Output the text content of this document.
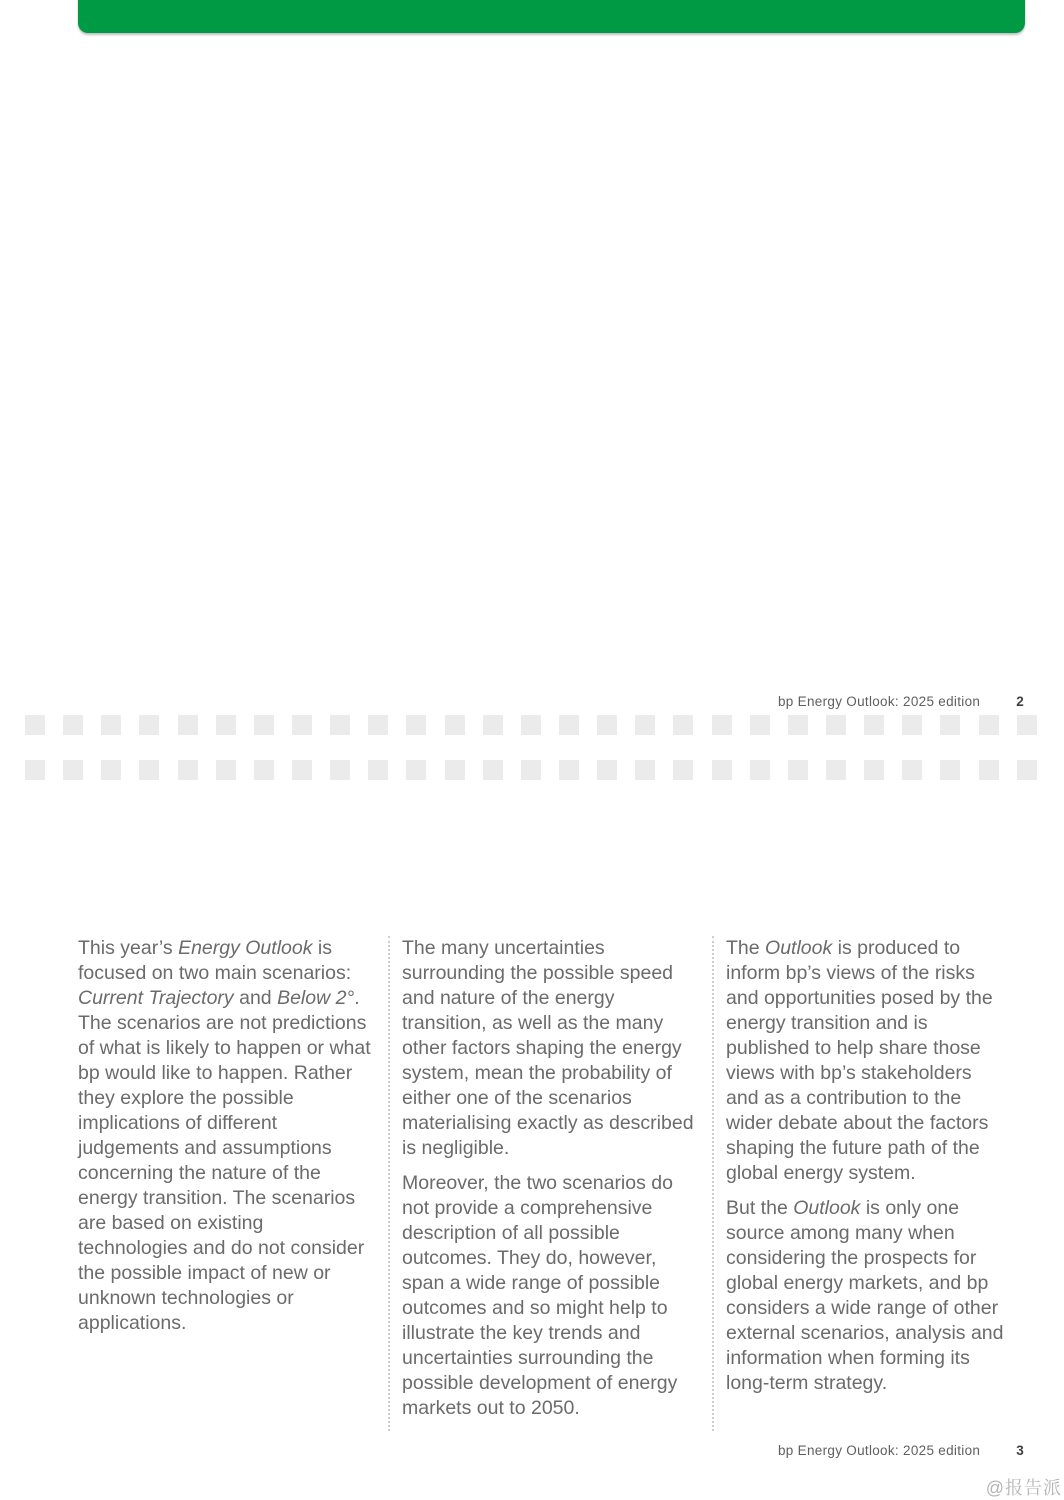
bp Energy Outlook: 2025 edition	2

This year’s Energy Outlook is focused on two main scenarios: Current Trajectory and Below 2°. The scenarios are not predictions of what is likely to happen or what bp would like to happen. Rather they explore the possible implications of different judgements and assumptions concerning the nature of the energy transition. The scenarios are based on existing technologies and do not consider the possible impact of new or unknown technologies or applications.

The many uncertainties surrounding the possible speed and nature of the energy transition, as well as the many other factors shaping the energy system, mean the probability of either one of the scenarios materialising exactly as described is negligible.

Moreover, the two scenarios do not provide a comprehensive description of all possible outcomes. They do, however, span a wide range of possible outcomes and so might help to illustrate the key trends and uncertainties surrounding the possible development of energy markets out to 2050.

The Outlook is produced to inform bp’s views of the risks and opportunities posed by the energy transition and is published to help share those views with bp’s stakeholders and as a contribution to the wider debate about the factors shaping the future path of the global energy system.

But the Outlook is only one source among many when considering the prospects for global energy markets, and bp considers a wide range of other external scenarios, analysis and information when forming its long-term strategy.

bp Energy Outlook: 2025 edition	3
@报告派
